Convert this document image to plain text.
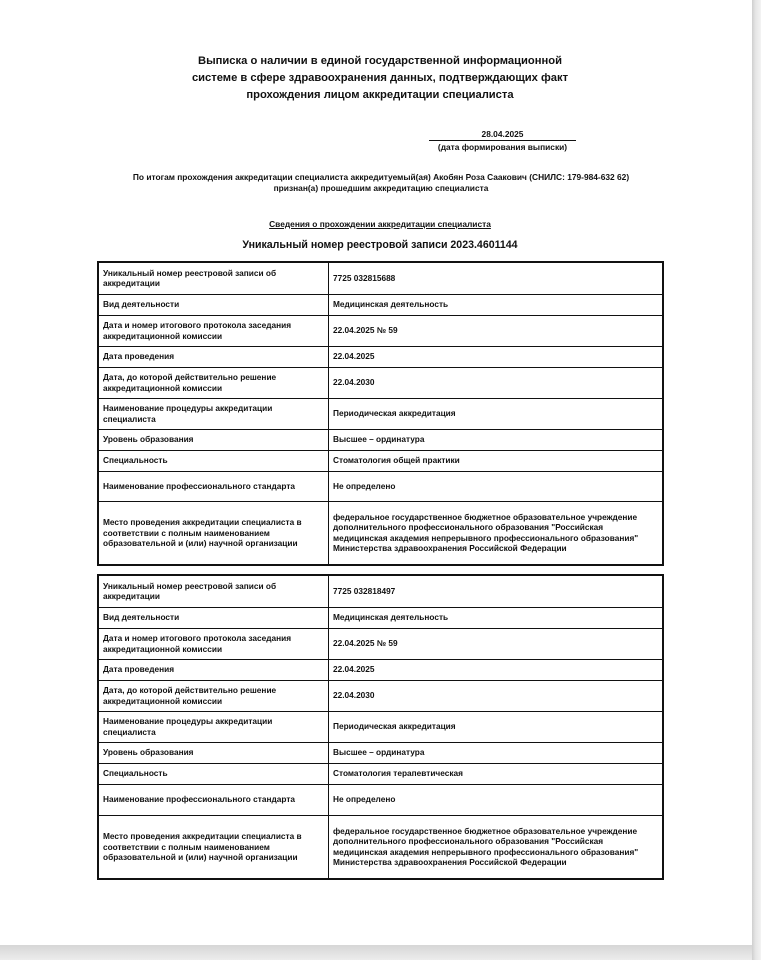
Выписка о наличии в единой государственной информационной
системе в сфере здравоохранения данных, подтверждающих факт
прохождения лицом аккредитации специалиста
28.04.2025
(дата формирования выписки)
По итогам прохождения аккредитации специалиста аккредитуемый(ая) Акобян Роза Саакович (СНИЛС: 179-984-632 62)
признан(а) прошедшим аккредитацию специалиста
Сведения о прохождении аккредитации специалиста
Уникальный номер реестровой записи 2023.4601144
Уникальный номер реестровой записи об аккредитации	7725 032815688
Вид деятельности	Медицинская деятельность
Дата и номер итогового протокола заседания аккредитационной комиссии	22.04.2025 № 59
Дата проведения	22.04.2025
Дата, до которой действительно решение аккредитационной комиссии	22.04.2030
Наименование процедуры аккредитации специалиста	Периодическая аккредитация
Уровень образования	Высшее – ординатура
Специальность	Стоматология общей практики
Наименование профессионального стандарта	Не определено
Место проведения аккредитации специалиста в соответствии с полным наименованием образовательной и (или) научной организации	федеральное государственное бюджетное образовательное учреждение дополнительного профессионального образования "Российская медицинская академия непрерывного профессионального образования" Министерства здравоохранения Российской Федерации
Уникальный номер реестровой записи об аккредитации	7725 032818497
Вид деятельности	Медицинская деятельность
Дата и номер итогового протокола заседания аккредитационной комиссии	22.04.2025 № 59
Дата проведения	22.04.2025
Дата, до которой действительно решение аккредитационной комиссии	22.04.2030
Наименование процедуры аккредитации специалиста	Периодическая аккредитация
Уровень образования	Высшее – ординатура
Специальность	Стоматология терапевтическая
Наименование профессионального стандарта	Не определено
Место проведения аккредитации специалиста в соответствии с полным наименованием образовательной и (или) научной организации	федеральное государственное бюджетное образовательное учреждение дополнительного профессионального образования "Российская медицинская академия непрерывного профессионального образования" Министерства здравоохранения Российской Федерации
